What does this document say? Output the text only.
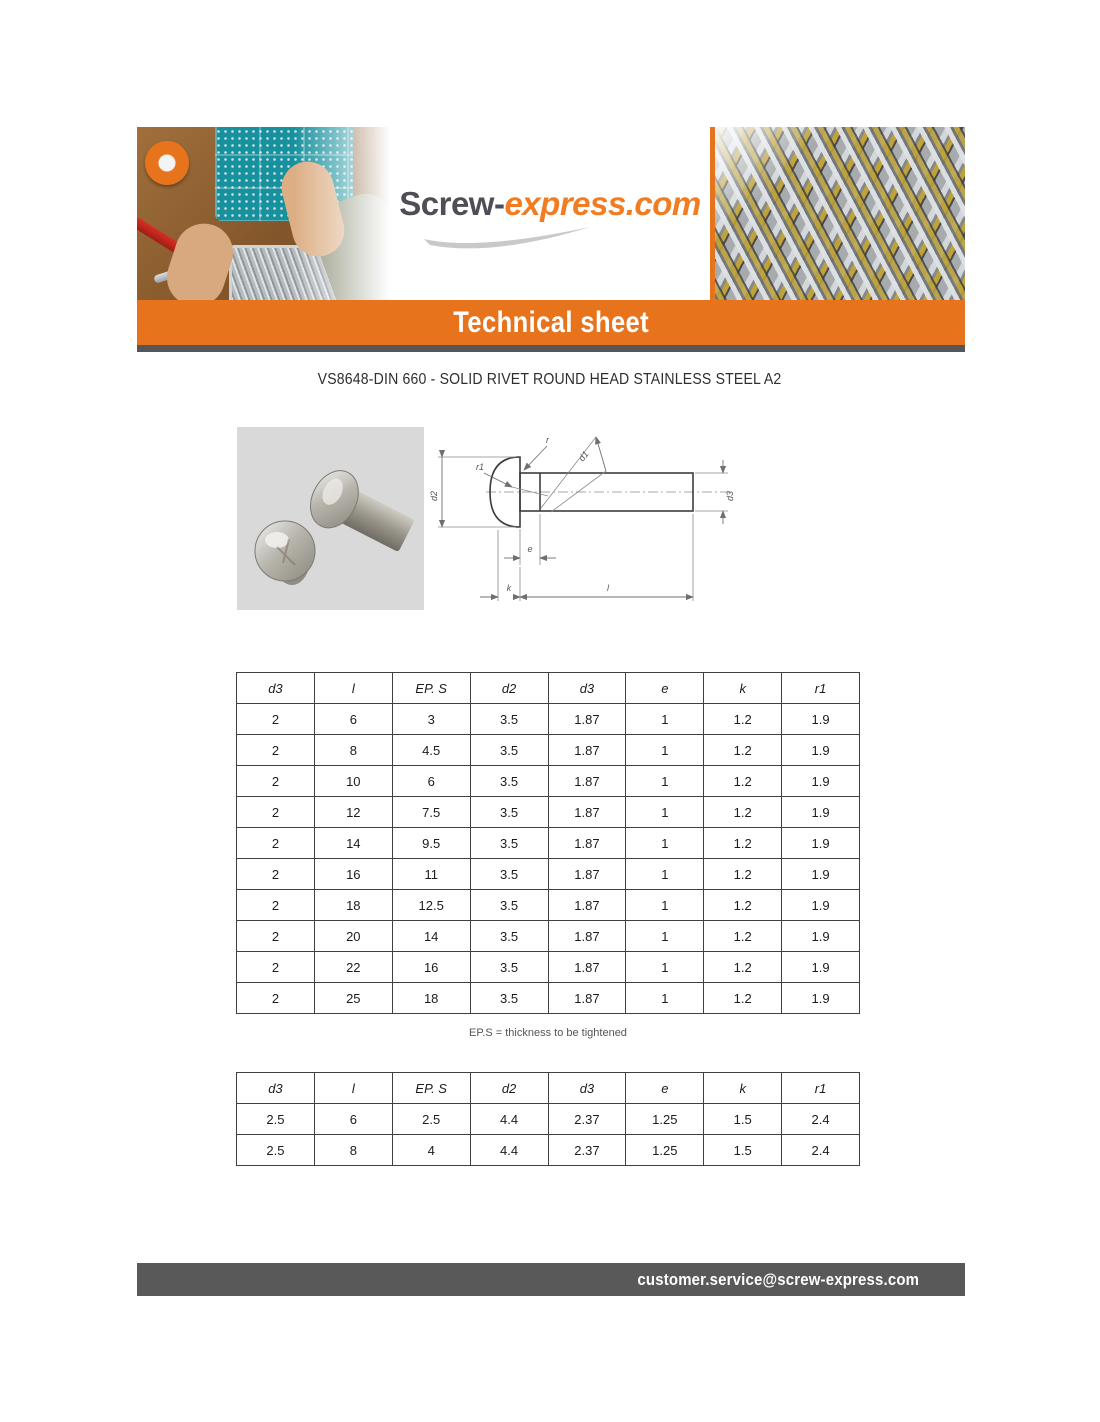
Screw-express.com
Technical sheet
VS8648-DIN 660 - SOLID RIVET ROUND HEAD STAINLESS STEEL A2
d2
r
r1
d1
e
k	l
d3
d3	l	EP. S	d2	d3	e	k	r1
2	6	3	3.5	1.87	1	1.2	1.9
2	8	4.5	3.5	1.87	1	1.2	1.9
2	10	6	3.5	1.87	1	1.2	1.9
2	12	7.5	3.5	1.87	1	1.2	1.9
2	14	9.5	3.5	1.87	1	1.2	1.9
2	16	11	3.5	1.87	1	1.2	1.9
2	18	12.5	3.5	1.87	1	1.2	1.9
2	20	14	3.5	1.87	1	1.2	1.9
2	22	16	3.5	1.87	1	1.2	1.9
2	25	18	3.5	1.87	1	1.2	1.9
EP.S = thickness to be tightened
d3	l	EP. S	d2	d3	e	k	r1
2.5	6	2.5	4.4	2.37	1.25	1.5	2.4
2.5	8	4	4.4	2.37	1.25	1.5	2.4
customer.service@screw-express.com
